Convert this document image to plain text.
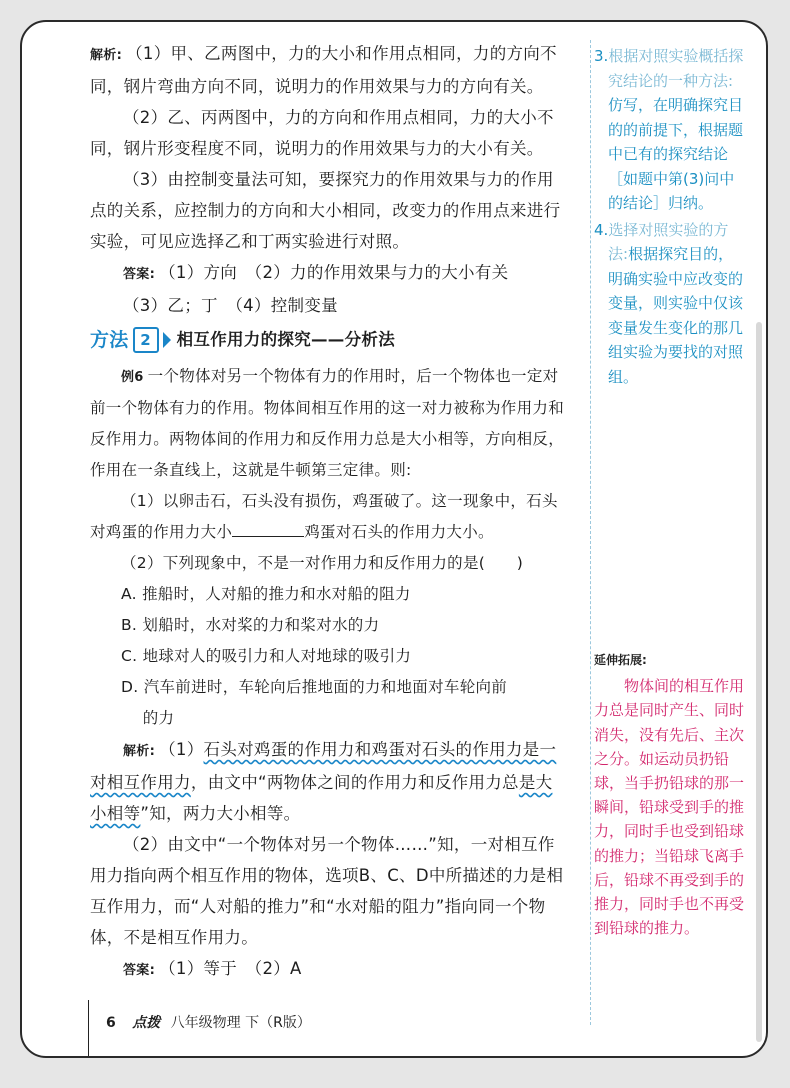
解析: （1）甲、乙两图中，力的大小和作用点相同，力的方向不同，钢片弯曲方向不同，说明力的作用效果与力的方向有关。

（2）乙、丙两图中，力的方向和作用点相同，力的大小不同，钢片形变程度不同，说明力的作用效果与力的大小有关。

（3）由控制变量法可知，要探究力的作用效果与力的作用点的关系，应控制力的方向和大小相同，改变力的作用点来进行实验，可见应选择乙和丁两实验进行对照。

答案: （1）方向　（2）力的作用效果与力的大小有关

（3）乙；丁　（4）控制变量

方法 2	相互作用力的探究——分析法

例6 一个物体对另一个物体有力的作用时，后一个物体也一定对前一个物体有力的作用。物体间相互作用的这一对力被称为作用力和反作用力。两物体间的作用力和反作用力总是大小相等，方向相反，作用在一条直线上，这就是牛顿第三定律。则:

（1）以卵击石，石头没有损伤，鸡蛋破了。这一现象中，石头对鸡蛋的作用力大小	鸡蛋对石头的作用力大小。

（2）下列现象中，不是一对作用力和反作用力的是(　　)

A. 推船时，人对船的推力和水对船的阻力

B. 划船时，水对桨的力和桨对水的力

C. 地球对人的吸引力和人对地球的吸引力

D. 汽车前进时，车轮向后推地面的力和地面对车轮向前

的力

解析: （1）石头对鸡蛋的作用力和鸡蛋对石头的作用力是一对相互作用力，由文中“两物体之间的作用力和反作用力总是大小相等”知，两力大小相等。

（2）由文中“一个物体对另一个物体……”知，一对相互作用力指向两个相互作用的物体，选项B、C、D中所描述的力是相互作用力，而“人对船的推力”和“水对船的阻力”指向同一个物体，不是相互作用力。

答案: （1）等于　（2）A

3.根据对照实验概括探究结论的一种方法:仿写，在明确探究目的的前提下，根据题中已有的探究结论［如题中第(3)问中的结论］归纳。

4.选择对照实验的方法:根据探究目的，明确实验中应改变的变量，则实验中仅该变量发生变化的那几组实验为要找的对照组。

延伸拓展:

物体间的相互作用力总是同时产生、同时消失，没有先后、主次之分。如运动员扔铅球，当手扔铅球的那一瞬间，铅球受到手的推力，同时手也受到铅球的推力；当铅球飞离手后，铅球不再受到手的推力，同时手也不再受到铅球的推力。

6 点拨 八年级物理 下（R版）
